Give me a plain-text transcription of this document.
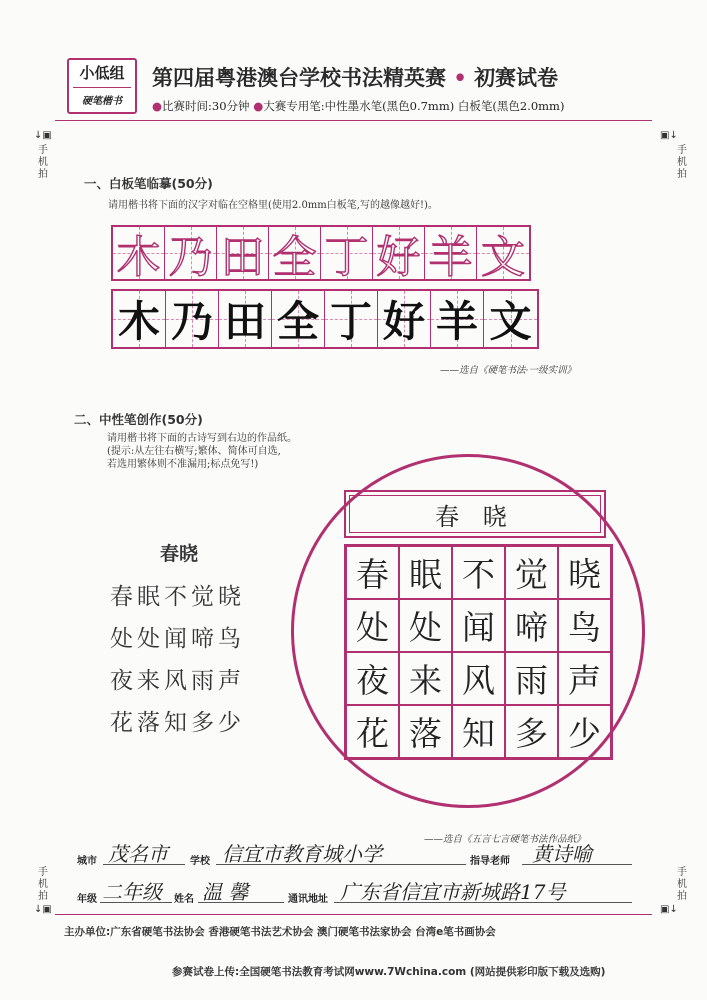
小低组
硬笔楷书
第四届粤港澳台学校书法精英赛 • 初赛试卷
●比赛时间:30分钟 ●大赛专用笔:中性墨水笔(黑色0.7mm) 白板笔(黑色2.0mm)
↓▣
手
机
拍
▣↓
手
机
拍
手
机
拍
↓▣
手
机
拍
▣↓
一、白板笔临摹(50分)
请用楷书将下面的汉字对临在空格里(使用2.0mm白板笔,写的越像越好!)。
木 乃 田 全 丁 好 羊 文
木 乃 田 全 丁 好 羊 文
——选自《硬笔书法·一级实训》
二、中性笔创作(50分)
请用楷书将下面的古诗写到右边的作品纸。
(提示:从左往右横写;繁体、简体可自选,
若选用繁体则不准漏用;标点免写!)
春晓
春眠不觉晓
处处闻啼鸟
夜来风雨声
花落知多少
春 晓
春 眠 不 觉 晓
处 处 闻 啼 鸟
夜 来 风 雨 声
花 落 知 多 少
——选自《五言七言硬笔书法作品纸》
城市 茂名市 学校 信宜市教育城小学	指导老师 黄诗喻
年级 二年级 姓名 温 馨	通讯地址 广东省信宜市新城路17号
主办单位:广东省硬笔书法协会 香港硬笔书法艺术协会 澳门硬笔书法家协会 台湾e笔书画协会
参赛试卷上传:全国硬笔书法教育考试网www.7Wchina.com (网站提供彩印版下载及选购)
